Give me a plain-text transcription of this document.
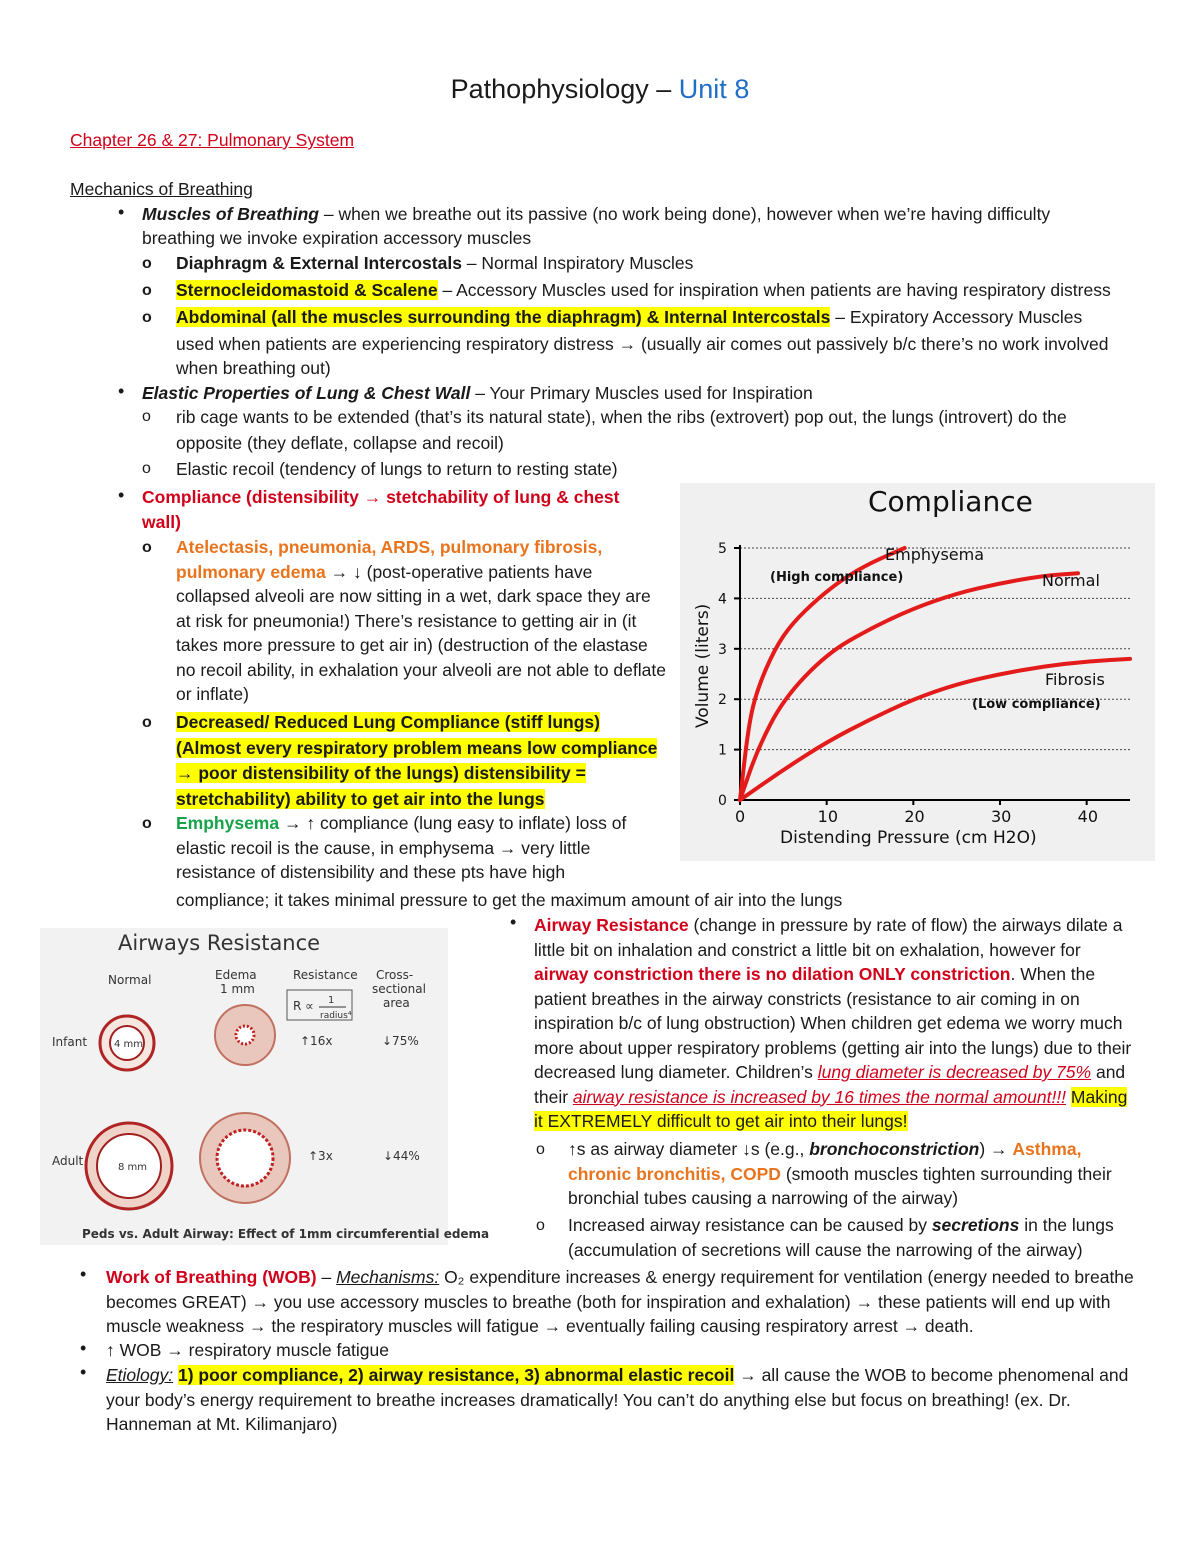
Pathophysiology – Unit 8
Chapter 26 & 27: Pulmonary System
Mechanics of Breathing
• Muscles of Breathing – when we breathe out its passive (no work being done), however when we’re having difficulty
breathing we invoke expiration accessory muscles
o Diaphragm & External Intercostals – Normal Inspiratory Muscles
o Sternocleidomastoid & Scalene – Accessory Muscles used for inspiration when patients are having respiratory distress
o Abdominal (all the muscles surrounding the diaphragm) & Internal Intercostals – Expiratory Accessory Muscles
used when patients are experiencing respiratory distress → (usually air comes out passively b/c there’s no work involved
when breathing out)
• Elastic Properties of Lung & Chest Wall – Your Primary Muscles used for Inspiration
o rib cage wants to be extended (that’s its natural state), when the ribs (extrovert) pop out, the lungs (introvert) do the
opposite (they deflate, collapse and recoil)
o Elastic recoil (tendency of lungs to return to resting state)
• Compliance (distensibility → stetchability of lung & chest
wall)
o Atelectasis, pneumonia, ARDS, pulmonary fibrosis,
pulmonary edema → ↓ (post-operative patients have collapsed alveoli are now sitting in a wet, dark space they are at risk for pneumonia!) There’s resistance to getting air in (it takes more pressure to get air in) (destruction of the elastase no recoil ability, in exhalation your alveoli are not able to deflate or inflate)
o Decreased/ Reduced Lung Compliance (stiff lungs) (Almost every respiratory problem means low compliance → poor distensibility of the lungs) distensibility = stretchability) ability to get air into the lungs
o Emphysema → ↑ compliance (lung easy to inflate) loss of elastic recoil is the cause, in emphysema → very little resistance of distensibility and these pts have high
compliance; it takes minimal pressure to get the maximum amount of air into the lungs
Compliance
0
1
2
3
4
5
0	10	20	30	40
Distending Pressure (cm H2O)
Volume (liters)
Emphysema
(High compliance)	Normal
Fibrosis
(Low compliance)
Airways Resistance
Normal	Edema
1 mm
Resistance
R ∝ 1
radius⁴
Cross-
sectional
area
Infant	4 mm	↑16x	↓75%
Adult	8 mm
↑3x	↓44%
Peds vs. Adult Airway: Effect of 1mm circumferential edema
• Airway Resistance (change in pressure by rate of flow) the airways dilate a little bit on inhalation and constrict a little bit on exhalation, however for airway constriction there is no dilation ONLY constriction. When the patient breathes in the airway constricts (resistance to air coming in on inspiration b/c of lung obstruction) When children get edema we worry much more about upper respiratory problems (getting air into the lungs) due to their decreased lung diameter. Children’s lung diameter is decreased by 75% and their airway resistance is increased by 16 times the normal amount!!! Making it EXTREMELY difficult to get air into their lungs!
o ↑s as airway diameter ↓s (e.g., bronchoconstriction) → Asthma, chronic bronchitis, COPD (smooth muscles tighten surrounding their bronchial tubes causing a narrowing of the airway)
o Increased airway resistance can be caused by secretions in the lungs (accumulation of secretions will cause the narrowing of the airway)
• Work of Breathing (WOB) – Mechanisms: O₂ expenditure increases & energy requirement for ventilation (energy needed to breathe becomes GREAT) → you use accessory muscles to breathe (both for inspiration and exhalation) → these patients will end up with muscle weakness → the respiratory muscles will fatigue → eventually failing causing respiratory arrest → death.
• ↑ WOB → respiratory muscle fatigue
• Etiology: 1) poor compliance, 2) airway resistance, 3) abnormal elastic recoil → all cause the WOB to become phenomenal and your body’s energy requirement to breathe increases dramatically! You can’t do anything else but focus on breathing! (ex. Dr. Hanneman at Mt. Kilimanjaro)
